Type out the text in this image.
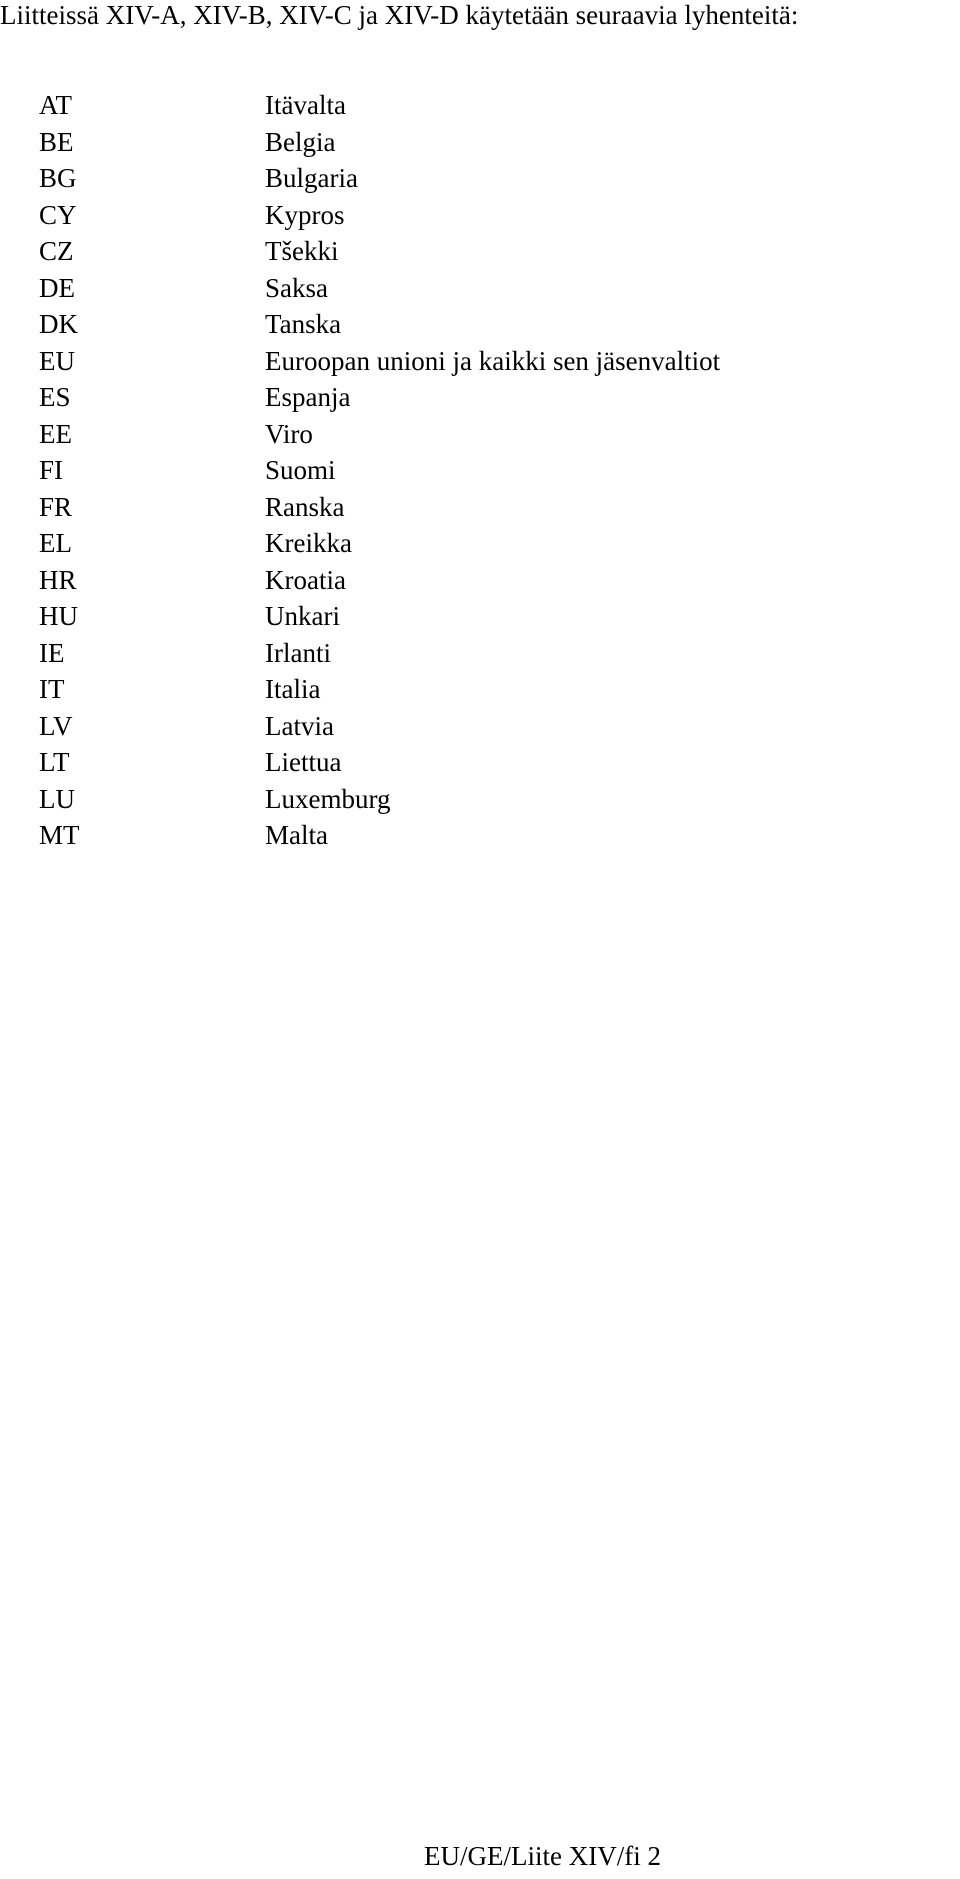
Liitteissä XIV-A, XIV-B, XIV-C ja XIV-D käytetään seuraavia lyhenteitä:
AT	Itävalta
BE	Belgia
BG	Bulgaria
CY	Kypros
CZ	Tšekki
DE	Saksa
DK	Tanska
EU	Euroopan unioni ja kaikki sen jäsenvaltiot
ES	Espanja
EE	Viro
FI	Suomi
FR	Ranska
EL	Kreikka
HR	Kroatia
HU	Unkari
IE	Irlanti
IT	Italia
LV	Latvia
LT	Liettua
LU	Luxemburg
MT	Malta
EU/GE/Liite XIV/fi 2
